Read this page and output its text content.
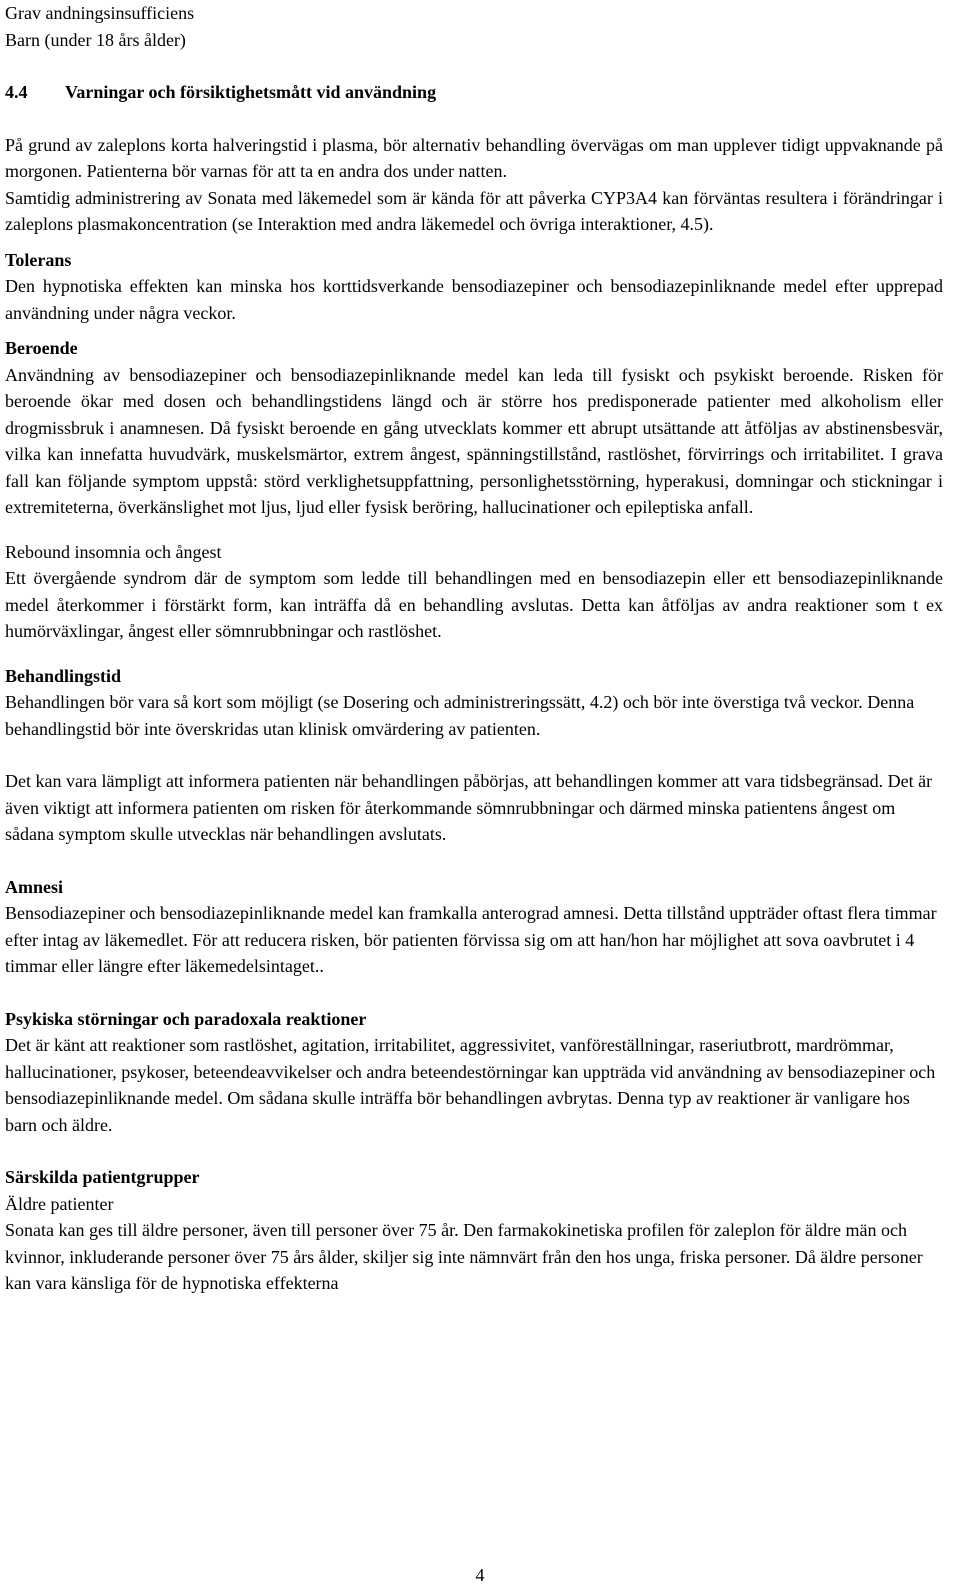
Grav andningsinsufficiens

Barn (under 18 års ålder)

4.4	Varningar och försiktighetsmått vid användning

På grund av zaleplons korta halveringstid i plasma, bör alternativ behandling övervägas om man upplever tidigt uppvaknande på morgonen. Patienterna bör varnas för att ta en andra dos under natten.

Samtidig administrering av Sonata med läkemedel som är kända för att påverka CYP3A4 kan förväntas resultera i förändringar i zaleplons plasmakoncentration (se Interaktion med andra läkemedel och övriga interaktioner, 4.5).

Tolerans

Den hypnotiska effekten kan minska hos korttidsverkande bensodiazepiner och bensodiazepinliknande medel efter upprepad användning under några veckor.

Beroende

Användning av bensodiazepiner och bensodiazepinliknande medel kan leda till fysiskt och psykiskt beroende. Risken för beroende ökar med dosen och behandlingstidens längd och är större hos predisponerade patienter med alkoholism eller drogmissbruk i anamnesen. Då fysiskt beroende en gång utvecklats kommer ett abrupt utsättande att åtföljas av abstinensbesvär, vilka kan innefatta huvudvärk, muskelsmärtor, extrem ångest, spänningstillstånd, rastlöshet, förvirrings och irritabilitet. I grava fall kan följande symptom uppstå: störd verklighetsuppfattning, personlighetsstörning, hyperakusi, domningar och stickningar i extremiteterna, överkänslighet mot ljus, ljud eller fysisk beröring, hallucinationer och epileptiska anfall.

Rebound insomnia och ångest

Ett övergående syndrom där de symptom som ledde till behandlingen med en bensodiazepin eller ett bensodiazepinliknande medel återkommer i förstärkt form, kan inträffa då en behandling avslutas. Detta kan åtföljas av andra reaktioner som t ex humörväxlingar, ångest eller sömnrubbningar och rastlöshet.

Behandlingstid

Behandlingen bör vara så kort som möjligt (se Dosering och administreringssätt, 4.2) och bör inte överstiga två veckor. Denna behandlingstid bör inte överskridas utan klinisk omvärdering av patienten.

Det kan vara lämpligt att informera patienten när behandlingen påbörjas, att behandlingen kommer att vara tidsbegränsad. Det är även viktigt att informera patienten om risken för återkommande sömnrubbningar och därmed minska patientens ångest om sådana symptom skulle utvecklas när behandlingen avslutats.

Amnesi

Bensodiazepiner och bensodiazepinliknande medel kan framkalla anterograd amnesi. Detta tillstånd uppträder oftast flera timmar efter intag av läkemedlet. För att reducera risken, bör patienten förvissa sig om att han/hon har möjlighet att sova oavbrutet i 4 timmar eller längre efter läkemedelsintaget..

Psykiska störningar och paradoxala reaktioner

Det är känt att reaktioner som rastlöshet, agitation, irritabilitet, aggressivitet, vanföreställningar, raseriutbrott, mardrömmar, hallucinationer, psykoser, beteendeavvikelser och andra beteendestörningar kan uppträda vid användning av bensodiazepiner och bensodiazepinliknande medel. Om sådana skulle inträffa bör behandlingen avbrytas. Denna typ av reaktioner är vanligare hos barn och äldre.

Särskilda patientgrupper

Äldre patienter

Sonata kan ges till äldre personer, även till personer över 75 år. Den farmakokinetiska profilen för zaleplon för äldre män och kvinnor, inkluderande personer över 75 års ålder, skiljer sig inte nämnvärt från den hos unga, friska personer. Då äldre personer kan vara känsliga för de hypnotiska effekterna

4
